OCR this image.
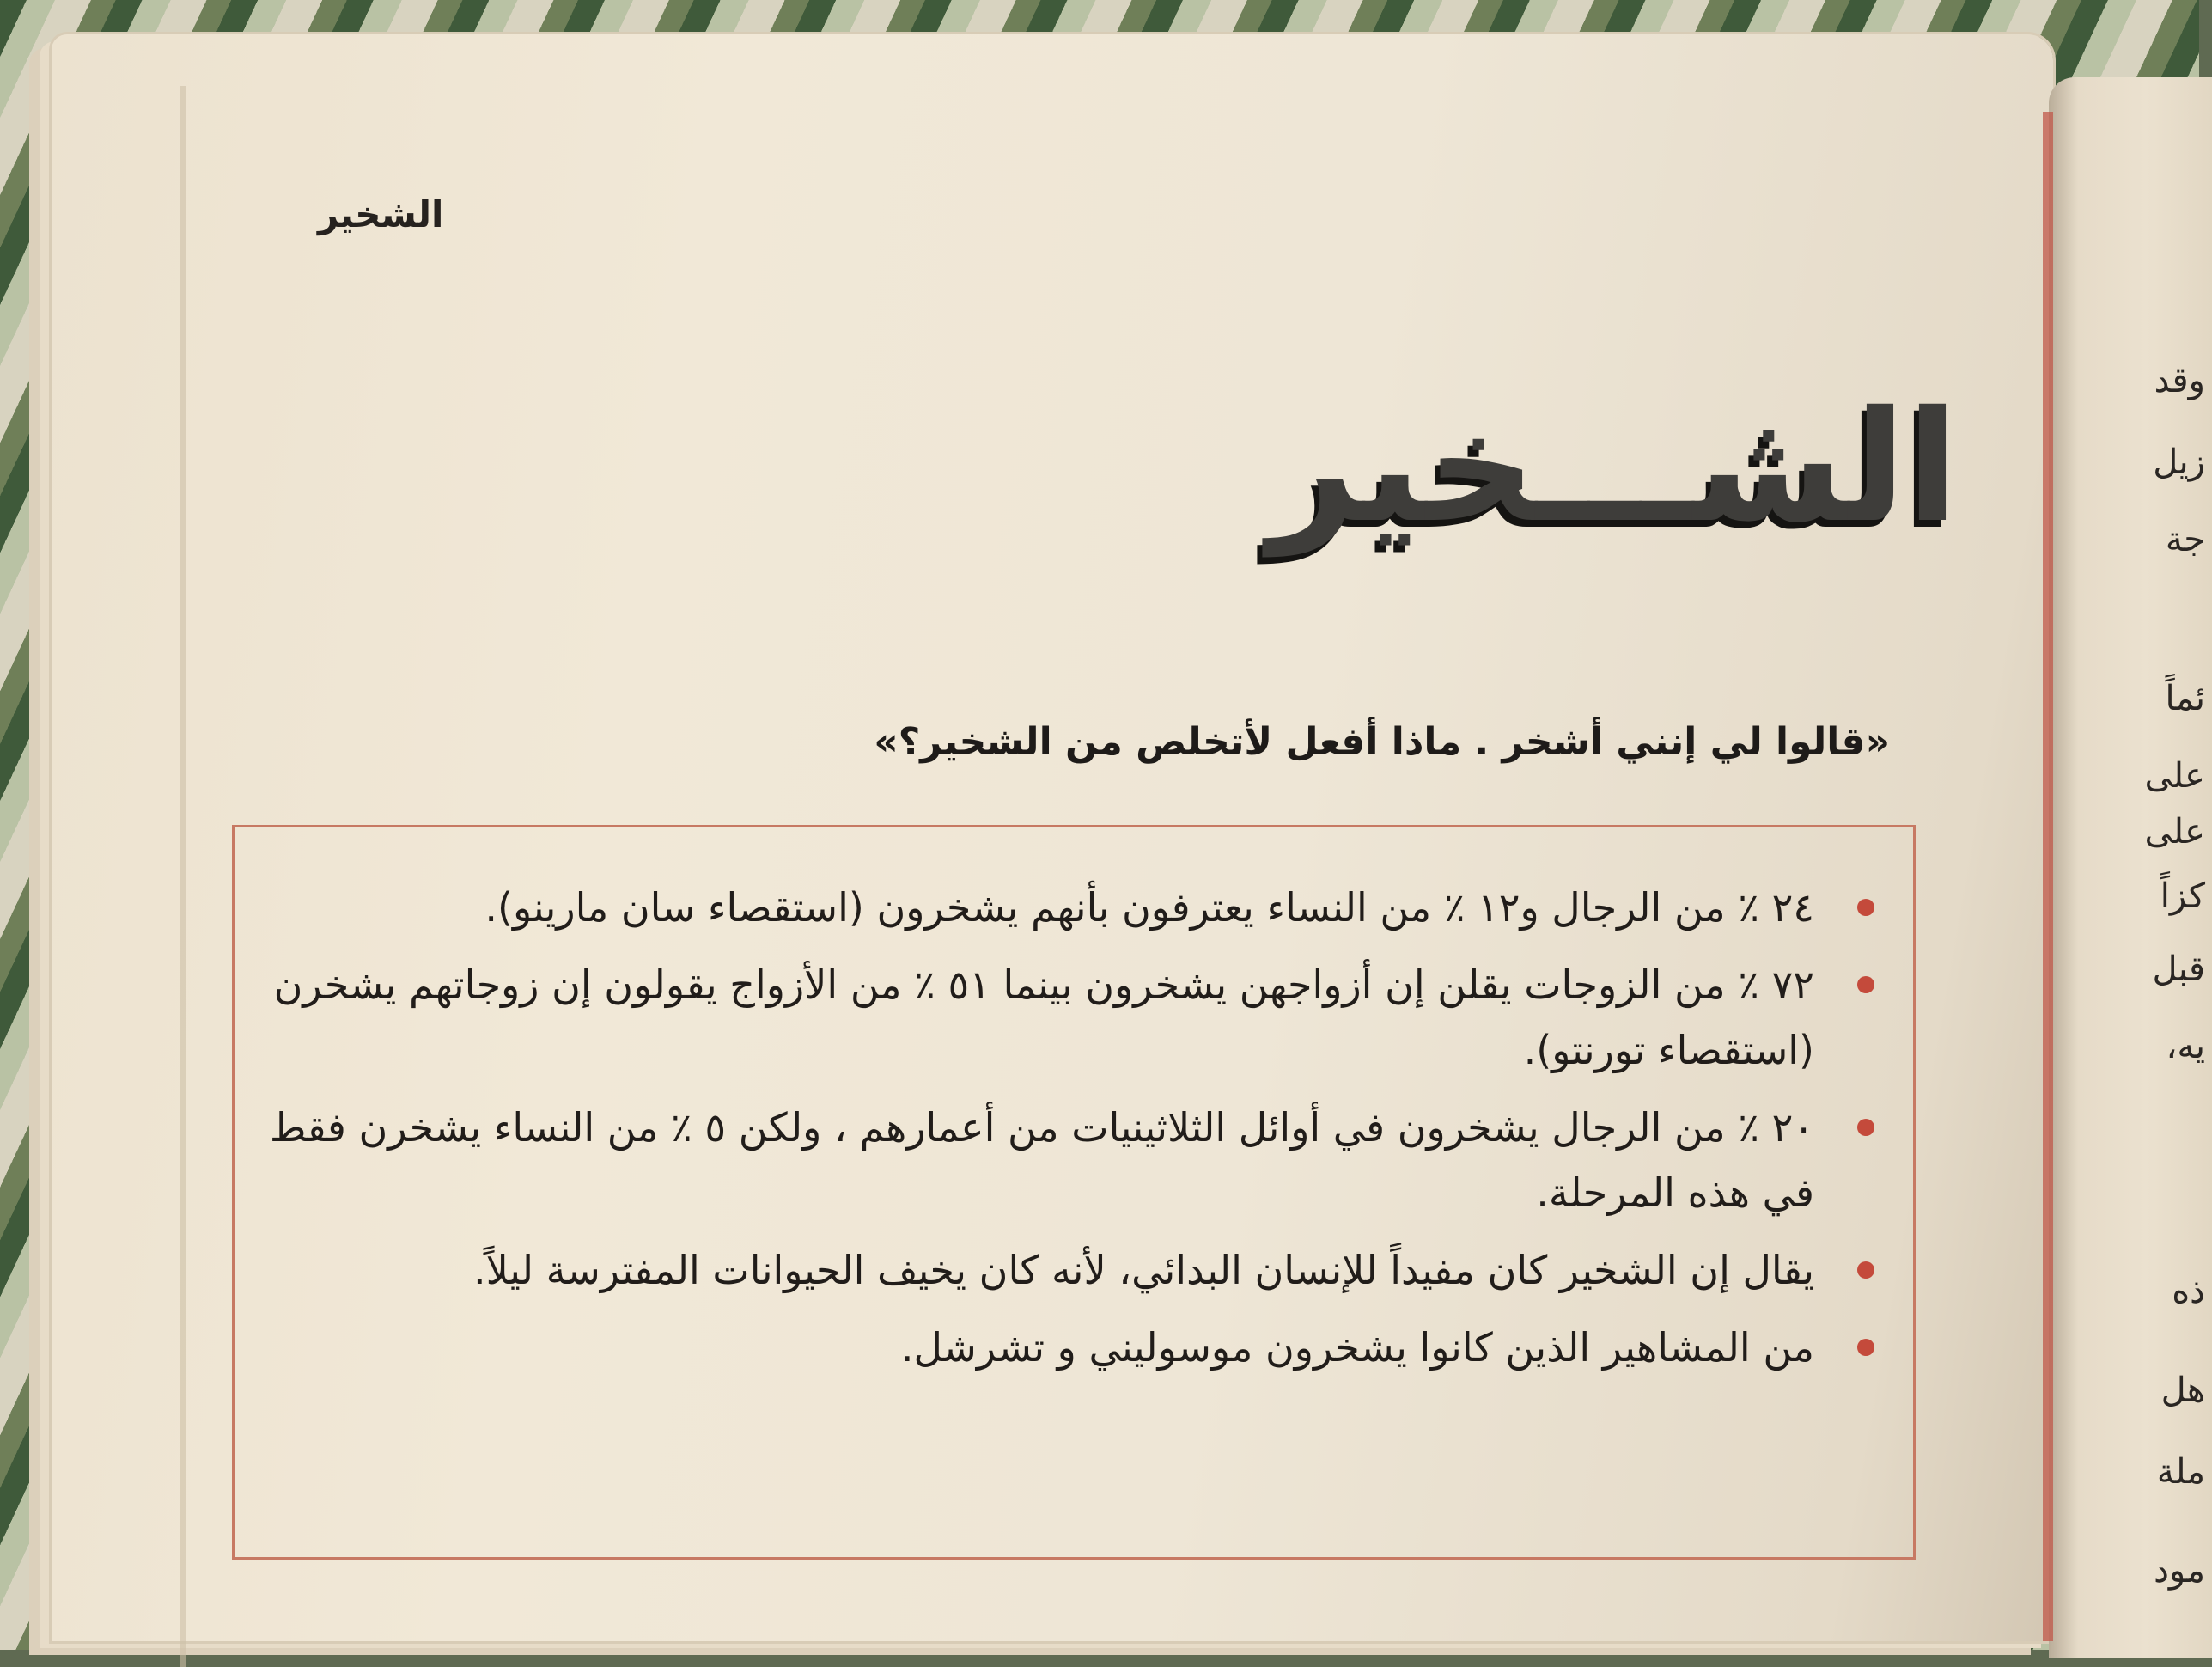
وقد
زيل
جة
ئماً
على
على
كزاً
قبل
يه،
ذه
هل
ملة
مود
الشخير
الشـــخير
«قالوا لي إنني أشخر . ماذا أفعل لأتخلص من الشخير؟»
٢٤ ٪ من الرجال و١٢ ٪ من النساء يعترفون بأنهم يشخرون (استقصاء سان مارينو).
٧٢ ٪ من الزوجات يقلن إن أزواجهن يشخرون بينما ٥١ ٪ من الأزواج يقولون إن زوجاتهم يشخرن (استقصاء تورنتو).
٢٠ ٪ من الرجال يشخرون في أوائل الثلاثينيات من أعمارهم ، ولكن ٥ ٪ من النساء يشخرن فقط في هذه المرحلة.
يقال إن الشخير كان مفيداً للإنسان البدائي، لأنه كان يخيف الحيوانات المفترسة ليلاً.
من المشاهير الذين كانوا يشخرون موسوليني و تشرشل.
